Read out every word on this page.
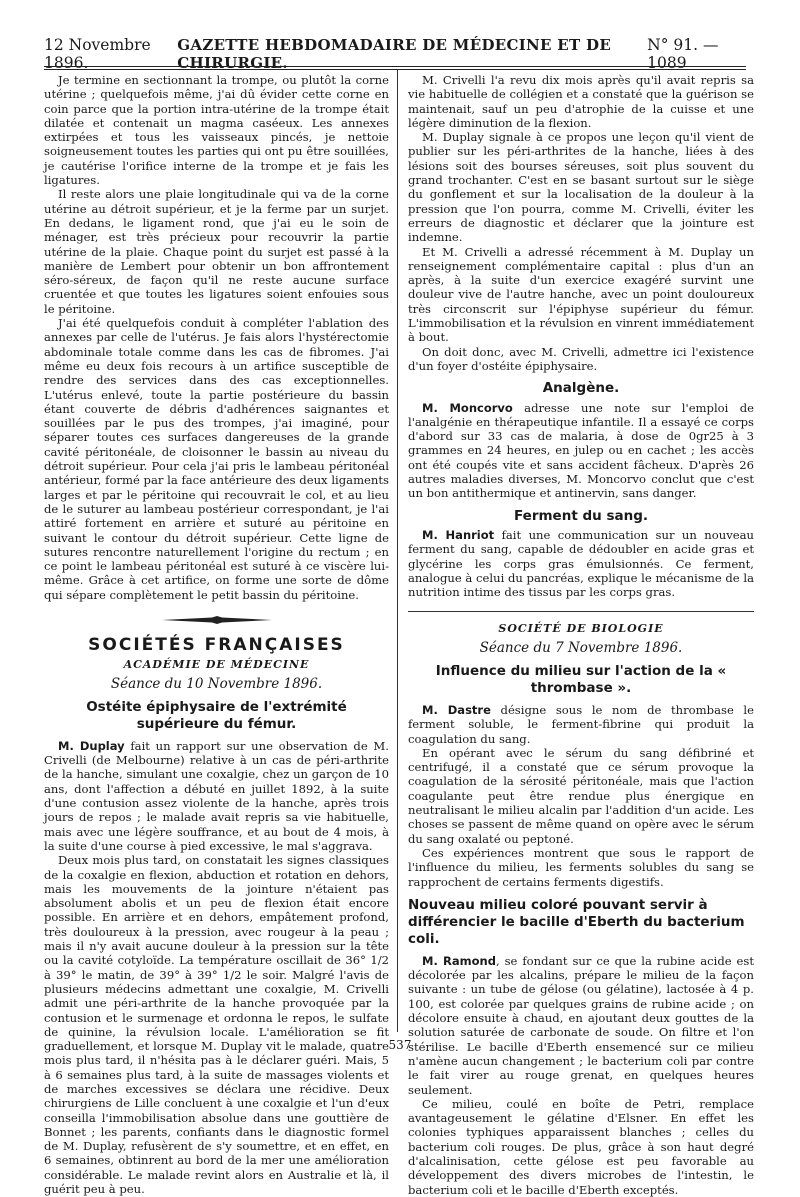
12 Novembre 1896.
GAZETTE HEBDOMADAIRE DE MÉDECINE ET DE CHIRURGIE.
N° 91. — 1089

Je termine en sectionnant la trompe, ou plutôt la corne utérine ; quelquefois même, j'ai dû évider cette corne en coin parce que la portion intra-utérine de la trompe était dilatée et contenait un magma caséeux. Les annexes extirpées et tous les vaisseaux pincés, je nettoie soigneusement toutes les parties qui ont pu être souillées, je cautérise l'orifice interne de la trompe et je fais les ligatures.

Il reste alors une plaie longitudinale qui va de la corne utérine au détroit supérieur, et je la ferme par un surjet. En dedans, le ligament rond, que j'ai eu le soin de ménager, est très précieux pour recouvrir la partie utérine de la plaie. Chaque point du surjet est passé à la manière de Lembert pour obtenir un bon affrontement séro-séreux, de façon qu'il ne reste aucune surface cruentée et que toutes les ligatures soient enfouies sous le péritoine.

J'ai été quelquefois conduit à compléter l'ablation des annexes par celle de l'utérus. Je fais alors l'hystérectomie abdominale totale comme dans les cas de fibromes. J'ai même eu deux fois recours à un artifice susceptible de rendre des services dans des cas exceptionnelles. L'utérus enlevé, toute la partie postérieure du bassin étant couverte de débris d'adhérences saignantes et souillées par le pus des trompes, j'ai imaginé, pour séparer toutes ces surfaces dangereuses de la grande cavité péritonéale, de cloisonner le bassin au niveau du détroit supérieur. Pour cela j'ai pris le lambeau péritonéal antérieur, formé par la face antérieure des deux ligaments larges et par le péritoine qui recouvrait le col, et au lieu de le suturer au lambeau postérieur correspondant, je l'ai attiré fortement en arrière et suturé au péritoine en suivant le contour du détroit supérieur. Cette ligne de sutures rencontre naturellement l'origine du rectum ; en ce point le lambeau péritonéal est suturé à ce viscère lui-même. Grâce à cet artifice, on forme une sorte de dôme qui sépare complètement le petit bassin du péritoine.

SOCIÉTÉS FRANÇAISES
ACADÉMIE DE MÉDECINE
Séance du 10 Novembre 1896.
Ostéite épiphysaire de l'extrémité supérieure du fémur.

M. Duplay fait un rapport sur une observation de M. Crivelli (de Melbourne) relative à un cas de péri-arthrite de la hanche, simulant une coxalgie, chez un garçon de 10 ans, dont l'affection a débuté en juillet 1892, à la suite d'une contusion assez violente de la hanche, après trois jours de repos ; le malade avait repris sa vie habituelle, mais avec une légère souffrance, et au bout de 4 mois, à la suite d'une course à pied excessive, le mal s'aggrava.

Deux mois plus tard, on constatait les signes classiques de la coxalgie en flexion, abduction et rotation en dehors, mais les mouvements de la jointure n'étaient pas absolument abolis et un peu de flexion était encore possible. En arrière et en dehors, empâtement profond, très douloureux à la pression, avec rougeur à la peau ; mais il n'y avait aucune douleur à la pression sur la tête ou la cavité cotyloïde. La température oscillait de 36° 1/2 à 39° le matin, de 39° à 39° 1/2 le soir. Malgré l'avis de plusieurs médecins admettant une coxalgie, M. Crivelli admit une péri-arthrite de la hanche provoquée par la contusion et le surmenage et ordonna le repos, le sulfate de quinine, la révulsion locale. L'amélioration se fit graduellement, et lorsque M. Duplay vit le malade, quatre mois plus tard, il n'hésita pas à le déclarer guéri. Mais, 5 à 6 semaines plus tard, à la suite de massages violents et de marches excessives se déclara une récidive. Deux chirurgiens de Lille concluent à une coxalgie et l'un d'eux conseilla l'immobilisation absolue dans une gouttière de Bonnet ; les parents, confiants dans le diagnostic formel de M. Duplay, refusèrent de s'y soumettre, et en effet, en 6 semaines, obtinrent au bord de la mer une amélioration considérable. Le malade revint alors en Australie et là, il guérit peu à peu.

M. Crivelli l'a revu dix mois après qu'il avait repris sa vie habituelle de collégien et a constaté que la guérison se maintenait, sauf un peu d'atrophie de la cuisse et une légère diminution de la flexion.

M. Duplay signale à ce propos une leçon qu'il vient de publier sur les péri-arthrites de la hanche, liées à des lésions soit des bourses séreuses, soit plus souvent du grand trochanter. C'est en se basant surtout sur le siège du gonflement et sur la localisation de la douleur à la pression que l'on pourra, comme M. Crivelli, éviter les erreurs de diagnostic et déclarer que la jointure est indemne.

Et M. Crivelli a adressé récemment à M. Duplay un renseignement complémentaire capital : plus d'un an après, à la suite d'un exercice exagéré survint une douleur vive de l'autre hanche, avec un point douloureux très circonscrit sur l'épiphyse supérieur du fémur. L'immobilisation et la révulsion en vinrent immédiatement à bout.

On doit donc, avec M. Crivelli, admettre ici l'existence d'un foyer d'ostéite épiphysaire.

Analgène.

M. Moncorvo adresse une note sur l'emploi de l'analgénie en thérapeutique infantile. Il a essayé ce corps d'abord sur 33 cas de malaria, à dose de 0gr25 à 3 grammes en 24 heures, en julep ou en cachet ; les accès ont été coupés vite et sans accident fâcheux. D'après 26 autres maladies diverses, M. Moncorvo conclut que c'est un bon antithermique et antinervin, sans danger.

Ferment du sang.

M. Hanriot fait une communication sur un nouveau ferment du sang, capable de dédoubler en acide gras et glycérine les corps gras émulsionnés. Ce ferment, analogue à celui du pancréas, explique le mécanisme de la nutrition intime des tissus par les corps gras.

SOCIÉTÉ DE BIOLOGIE
Séance du 7 Novembre 1896.
Influence du milieu sur l'action de la « thrombase ».

M. Dastre désigne sous le nom de thrombase le ferment soluble, le ferment-fibrine qui produit la coagulation du sang.

En opérant avec le sérum du sang défibriné et centrifugé, il a constaté que ce sérum provoque la coagulation de la sérosité péritonéale, mais que l'action coagulante peut être rendue plus énergique en neutralisant le milieu alcalin par l'addition d'un acide. Les choses se passent de même quand on opère avec le sérum du sang oxalaté ou peptoné.

Ces expériences montrent que sous le rapport de l'influence du milieu, les ferments solubles du sang se rapprochent de certains ferments digestifs.

Nouveau milieu coloré pouvant servir à différencier le bacille d'Eberth du bacterium coli.

M. Ramond, se fondant sur ce que la rubine acide est décolorée par les alcalins, prépare le milieu de la façon suivante : un tube de gélose (ou gélatine), lactosée à 4 p. 100, est colorée par quelques grains de rubine acide ; on décolore ensuite à chaud, en ajoutant deux gouttes de la solution saturée de carbonate de soude. On filtre et l'on stérilise. Le bacille d'Eberth ensemencé sur ce milieu n'amène aucun changement ; le bacterium coli par contre le fait virer au rouge grenat, en quelques heures seulement.

Ce milieu, coulé en boîte de Petri, remplace avantageusement le gélatine d'Elsner. En effet les colonies typhiques apparaissent blanches ; celles du bacterium coli rouges. De plus, grâce à son haut degré d'alcalinisation, cette gélose est peu favorable au développement des divers microbes de l'intestin, le bacterium coli et le bacille d'Eberth exceptés.

537
